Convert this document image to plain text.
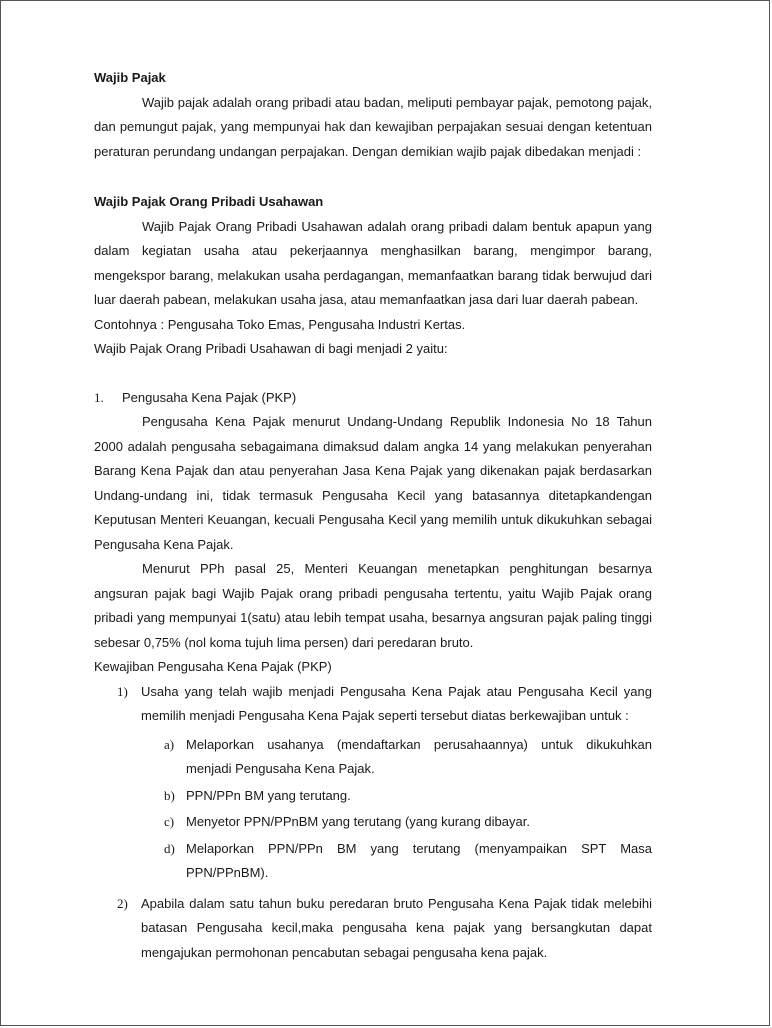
Wajib Pajak

Wajib pajak adalah orang pribadi atau badan, meliputi pembayar pajak, pemotong pajak, dan pemungut pajak, yang mempunyai hak dan kewajiban perpajakan sesuai dengan ketentuan peraturan perundang undangan perpajakan. Dengan demikian wajib pajak dibedakan menjadi :

Wajib Pajak Orang Pribadi Usahawan

Wajib Pajak Orang Pribadi Usahawan adalah orang pribadi dalam bentuk apapun yang dalam kegiatan usaha atau pekerjaannya menghasilkan barang, mengimpor barang, mengekspor barang, melakukan usaha perdagangan, memanfaatkan barang tidak berwujud dari luar daerah pabean, melakukan usaha jasa, atau memanfaatkan jasa dari luar daerah pabean.

Contohnya : Pengusaha Toko Emas, Pengusaha Industri Kertas.

Wajib Pajak Orang Pribadi Usahawan di bagi menjadi 2 yaitu:

1. Pengusaha Kena Pajak (PKP)

Pengusaha Kena Pajak menurut Undang-Undang Republik Indonesia No 18 Tahun 2000 adalah pengusaha sebagaimana dimaksud dalam angka 14 yang melakukan penyerahan Barang Kena Pajak dan atau penyerahan Jasa Kena Pajak yang dikenakan pajak berdasarkan Undang-undang ini, tidak termasuk Pengusaha Kecil yang batasannya ditetapkandengan Keputusan Menteri Keuangan, kecuali Pengusaha Kecil yang memilih untuk dikukuhkan sebagai Pengusaha Kena Pajak.

Menurut PPh pasal 25, Menteri Keuangan menetapkan penghitungan besarnya angsuran pajak bagi Wajib Pajak orang pribadi pengusaha tertentu, yaitu Wajib Pajak orang pribadi yang mempunyai 1(satu) atau lebih tempat usaha, besarnya angsuran pajak paling tinggi sebesar 0,75% (nol koma tujuh lima persen) dari peredaran bruto.

Kewajiban Pengusaha Kena Pajak (PKP)

1) Usaha yang telah wajib menjadi Pengusaha Kena Pajak atau Pengusaha Kecil yang memilih menjadi Pengusaha Kena Pajak seperti tersebut diatas berkewajiban untuk :
a) Melaporkan usahanya (mendaftarkan perusahaannya) untuk dikukuhkan menjadi Pengusaha Kena Pajak.
b) PPN/PPn BM yang terutang.
c) Menyetor PPN/PPnBM yang terutang (yang kurang dibayar.
d) Melaporkan PPN/PPn BM yang terutang (menyampaikan SPT Masa PPN/PPnBM).
2) Apabila dalam satu tahun buku peredaran bruto Pengusaha Kena Pajak tidak melebihi batasan Pengusaha kecil,maka pengusaha kena pajak yang bersangkutan dapat mengajukan permohonan pencabutan sebagai pengusaha kena pajak.
